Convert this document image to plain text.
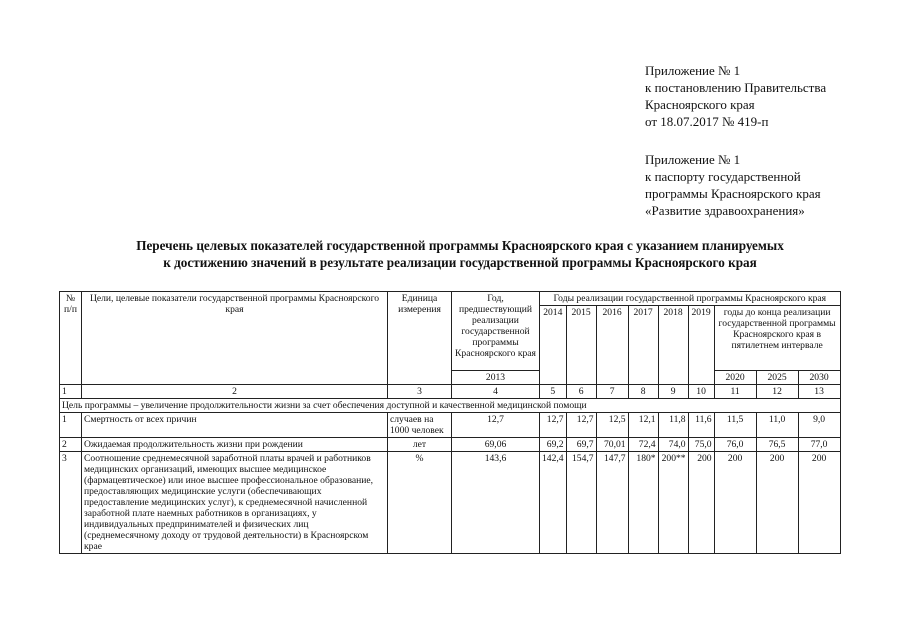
Приложение № 1
к постановлению Правительства
Красноярского края
от 18.07.2017 № 419-п
Приложение № 1
к паспорту государственной
программы Красноярского края
«Развитие здравоохранения»
Перечень целевых показателей государственной программы Красноярского края с указанием планируемых
к достижению значений в результате реализации государственной программы Красноярского края
№ п/п	Цели, целевые показатели государственной программы Красноярского края	Единица измерения	Год, предшествующий реализации государственной программы Красноярского края	Годы реализации государственной программы Красноярского края								
				2014	2015	2016	2017	2018	2019	годы до конца реализации государственной программы Красноярского края в пятилетнем интервале		
			2013							2020	2025	2030
1	2	3	4	5	6	7	8	9	10	11	12	13
Цель программы – увеличение продолжительности жизни за счет обеспечения доступной и качественной медицинской помощи												
1	Смертность от всех причин	случаев на 1000 человек	12,7	12,7	12,7	12,5	12,1	11,8	11,6	11,5	11,0	9,0
2	Ожидаемая продолжительность жизни при рождении	лет	69,06	69,2	69,7	70,01	72,4	74,0	75,0	76,0	76,5	77,0
3	Соотношение среднемесячной заработной платы врачей и работников медицинских организаций, имеющих высшее медицинское (фармацевтическое) или иное высшее профессиональное образование, предоставляющих медицинские услуги (обеспечивающих предоставление медицинских услуг), к среднемесячной начисленной заработной плате наемных работников в организациях, у индивидуальных предпринимателей и физических лиц (среднемесячному доходу от трудовой деятельности) в Красноярском крае	%	143,6	142,4	154,7	147,7	180*	200**	200	200	200	200
